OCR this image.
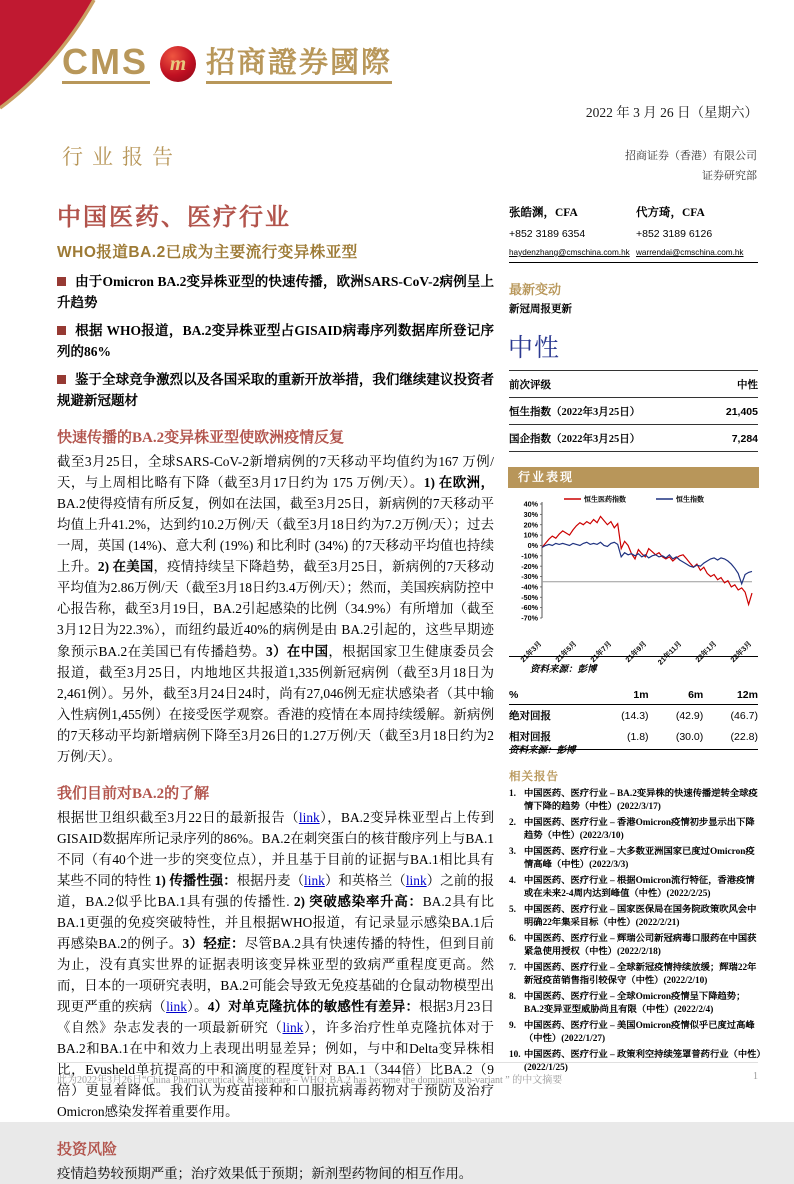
CMS m 招商證券國際
2022 年 3 月 26 日（星期六）
行业报告	招商证券（香港）有限公司
证券研究部
张皓渊，CFA
+852 3189 6354
haydenzhang@cmschina.com.hk
代方琦，CFA
+852 3189 6126
warrendai@cmschina.com.hk
最新变动
新冠周报更新
中性
前次评级	中性
恒生指数（2022年3月25日）	21,405
国企指数（2022年3月25日）	7,284
行业表现
40%
30%
20%
10%
0%
-10%
-20%
-30%
-40%
-50%
-60%
-70%
21年3月 21年5月 21年7月 21年9月 21年11月 22年1月 22年3月
恒生医药指数	恒生指数
资料来源：彭博
%	1m	6m	12m
绝对回报	(14.3)	(42.9)	(46.7)
相对回报	(1.8)	(30.0)	(22.8)
资料来源：彭博
相关报告
1. 中国医药、医疗行业 – BA.2变异株的快速传播逆转全球疫情下降的趋势（中性）(2022/3/17)
2. 中国医药、医疗行业 – 香港Omicron疫情初步显示出下降趋势（中性）(2022/3/10)
3. 中国医药、医疗行业 – 大多数亚洲国家已度过Omicron疫情高峰（中性）(2022/3/3)
4. 中国医药、医疗行业 – 根据Omicron流行特征，香港疫情或在未来2-4周内达到峰值（中性）(2022/2/25)
5. 中国医药、医疗行业 – 国家医保局在国务院政策吹风会中明确22年集采目标（中性）(2022/2/21)
6. 中国医药、医疗行业 – 辉瑞公司新冠病毒口服药在中国获紧急使用授权（中性）(2022/2/18)
7. 中国医药、医疗行业 – 全球新冠疫情持续放缓；辉瑞22年新冠疫苗销售指引较保守（中性）(2022/2/10)
8. 中国医药、医疗行业 – 全球Omicron疫情呈下降趋势；BA.2变异亚型威胁尚且有限（中性）(2022/2/4)
9. 中国医药、医疗行业 – 美国Omicron疫情似乎已度过高峰（中性）(2022/1/27)
10. 中国医药、医疗行业 – 政策利空持续笼罩普药行业（中性）(2022/1/25)
中国医药、医疗行业
WHO报道BA.2已成为主要流行变异株亚型

由于Omicron BA.2变异株亚型的快速传播，欧洲SARS-CoV-2病例呈上升趋势

根据 WHO报道，BA.2变异株亚型占GISAID病毒序列数据库所登记序列的86%

鉴于全球竞争激烈以及各国采取的重新开放举措，我们继续建议投资者规避新冠题材

快速传播的BA.2变异株亚型使欧洲疫情反复

截至3月25日，全球SARS-CoV-2新增病例的7天移动平均值约为167 万例/天，与上周相比略有下降（截至3月17日约为 175 万例/天）。1) 在欧洲，BA.2使得疫情有所反复，例如在法国，截至3月25日，新病例的7天移动平均值上升41.2%，达到约10.2万例/天（截至3月18日约为7.2万例/天）；过去一周，英国 (14%)、意大利 (19%) 和比利时 (34%) 的7天移动平均值也持续上升。2) 在美国，疫情持续呈下降趋势，截至3月25日，新病例的7天移动平均值为2.86万例/天（截至3月18日约3.4万例/天）；然而，美国疾病防控中心报告称，截至3月19日，BA.2引起感染的比例（34.9%）有所增加（截至3月12日为22.3%），而纽约最近40%的病例是由 BA.2引起的，这些早期迹象预示BA.2在美国已有传播趋势。3）在中国，根据国家卫生健康委员会报道，截至3月25日，内地地区共报道1,335例新冠病例（截至3月18日为2,461例）。另外，截至3月24日24时，尚有27,046例无症状感染者（其中输入性病例1,455例）在接受医学观察。香港的疫情在本周持续缓解。新病例的7天移动平均新增病例下降至3月26日的1.27万例/天（截至3月18日约为2万例/天）。

我们目前对BA.2的了解

根据世卫组织截至3月22日的最新报告（link），BA.2变异株亚型占上传到GISAID数据库所记录序列的86%。BA.2在刺突蛋白的核苷酸序列上与BA.1 不同（有40个进一步的突变位点），并且基于目前的证据与BA.1相比具有某些不同的特性 1) 传播性强：根据丹麦（link）和英格兰（link）之前的报道，BA.2似乎比BA.1具有强的传播性. 2) 突破感染率升高：BA.2具有比BA.1更强的免疫突破特性，并且根据WHO报道，有记录显示感染BA.1后再感染BA.2的例子。3）轻症：尽管BA.2具有快速传播的特性，但到目前为止，没有真实世界的证据表明该变异株亚型的致病严重程度更高。然而，日本的一项研究表明，BA.2可能会导致无免疫基础的仓鼠动物模型出现更严重的疾病（link）。4）对单克隆抗体的敏感性有差异：根据3月23日《自然》杂志发表的一项最新研究（link），许多治疗性单克隆抗体对于BA.2和BA.1在中和效力上表现出明显差异；例如，与中和Delta变异株相比，Evusheld单抗提高的中和滴度的程度针对 BA.1（344倍）比BA.2（9倍）更显着降低。我们认为疫苗接种和口服抗病毒药物对于预防及治疗Omicron感染发挥着重要作用。

投资风险

疫情趋势较预期严重；治疗效果低于预期；新剂型药物间的相互作用。

此为2022年3月26日“China Pharmaceutical & Healthcare – WHO: BA.2 has become the dominant sub-variant ” 的中文摘要	1
